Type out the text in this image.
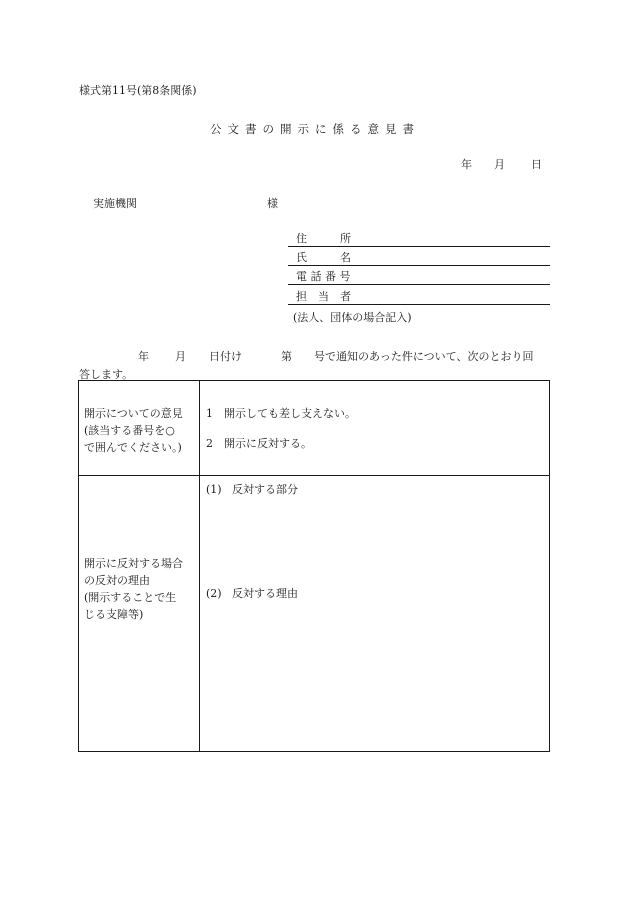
様式第11号(第8条関係)
公文書の開示に係る意見書
年 月 日
実施機関	様
住　　　所
氏　　　名
電 話 番 号
担　当　者
(法人、団体の場合記入)
年 月 日付け	第 号で通知のあった件について、次のとおり回
答します。
開示についての意見
(該当する番号を○
で囲んでください。)
1 開示しても差し支えない。
2 開示に反対する。
開示に反対する場合
の反対の理由
(開示することで生
じる支障等)
(1) 反対する部分
(2) 反対する理由
